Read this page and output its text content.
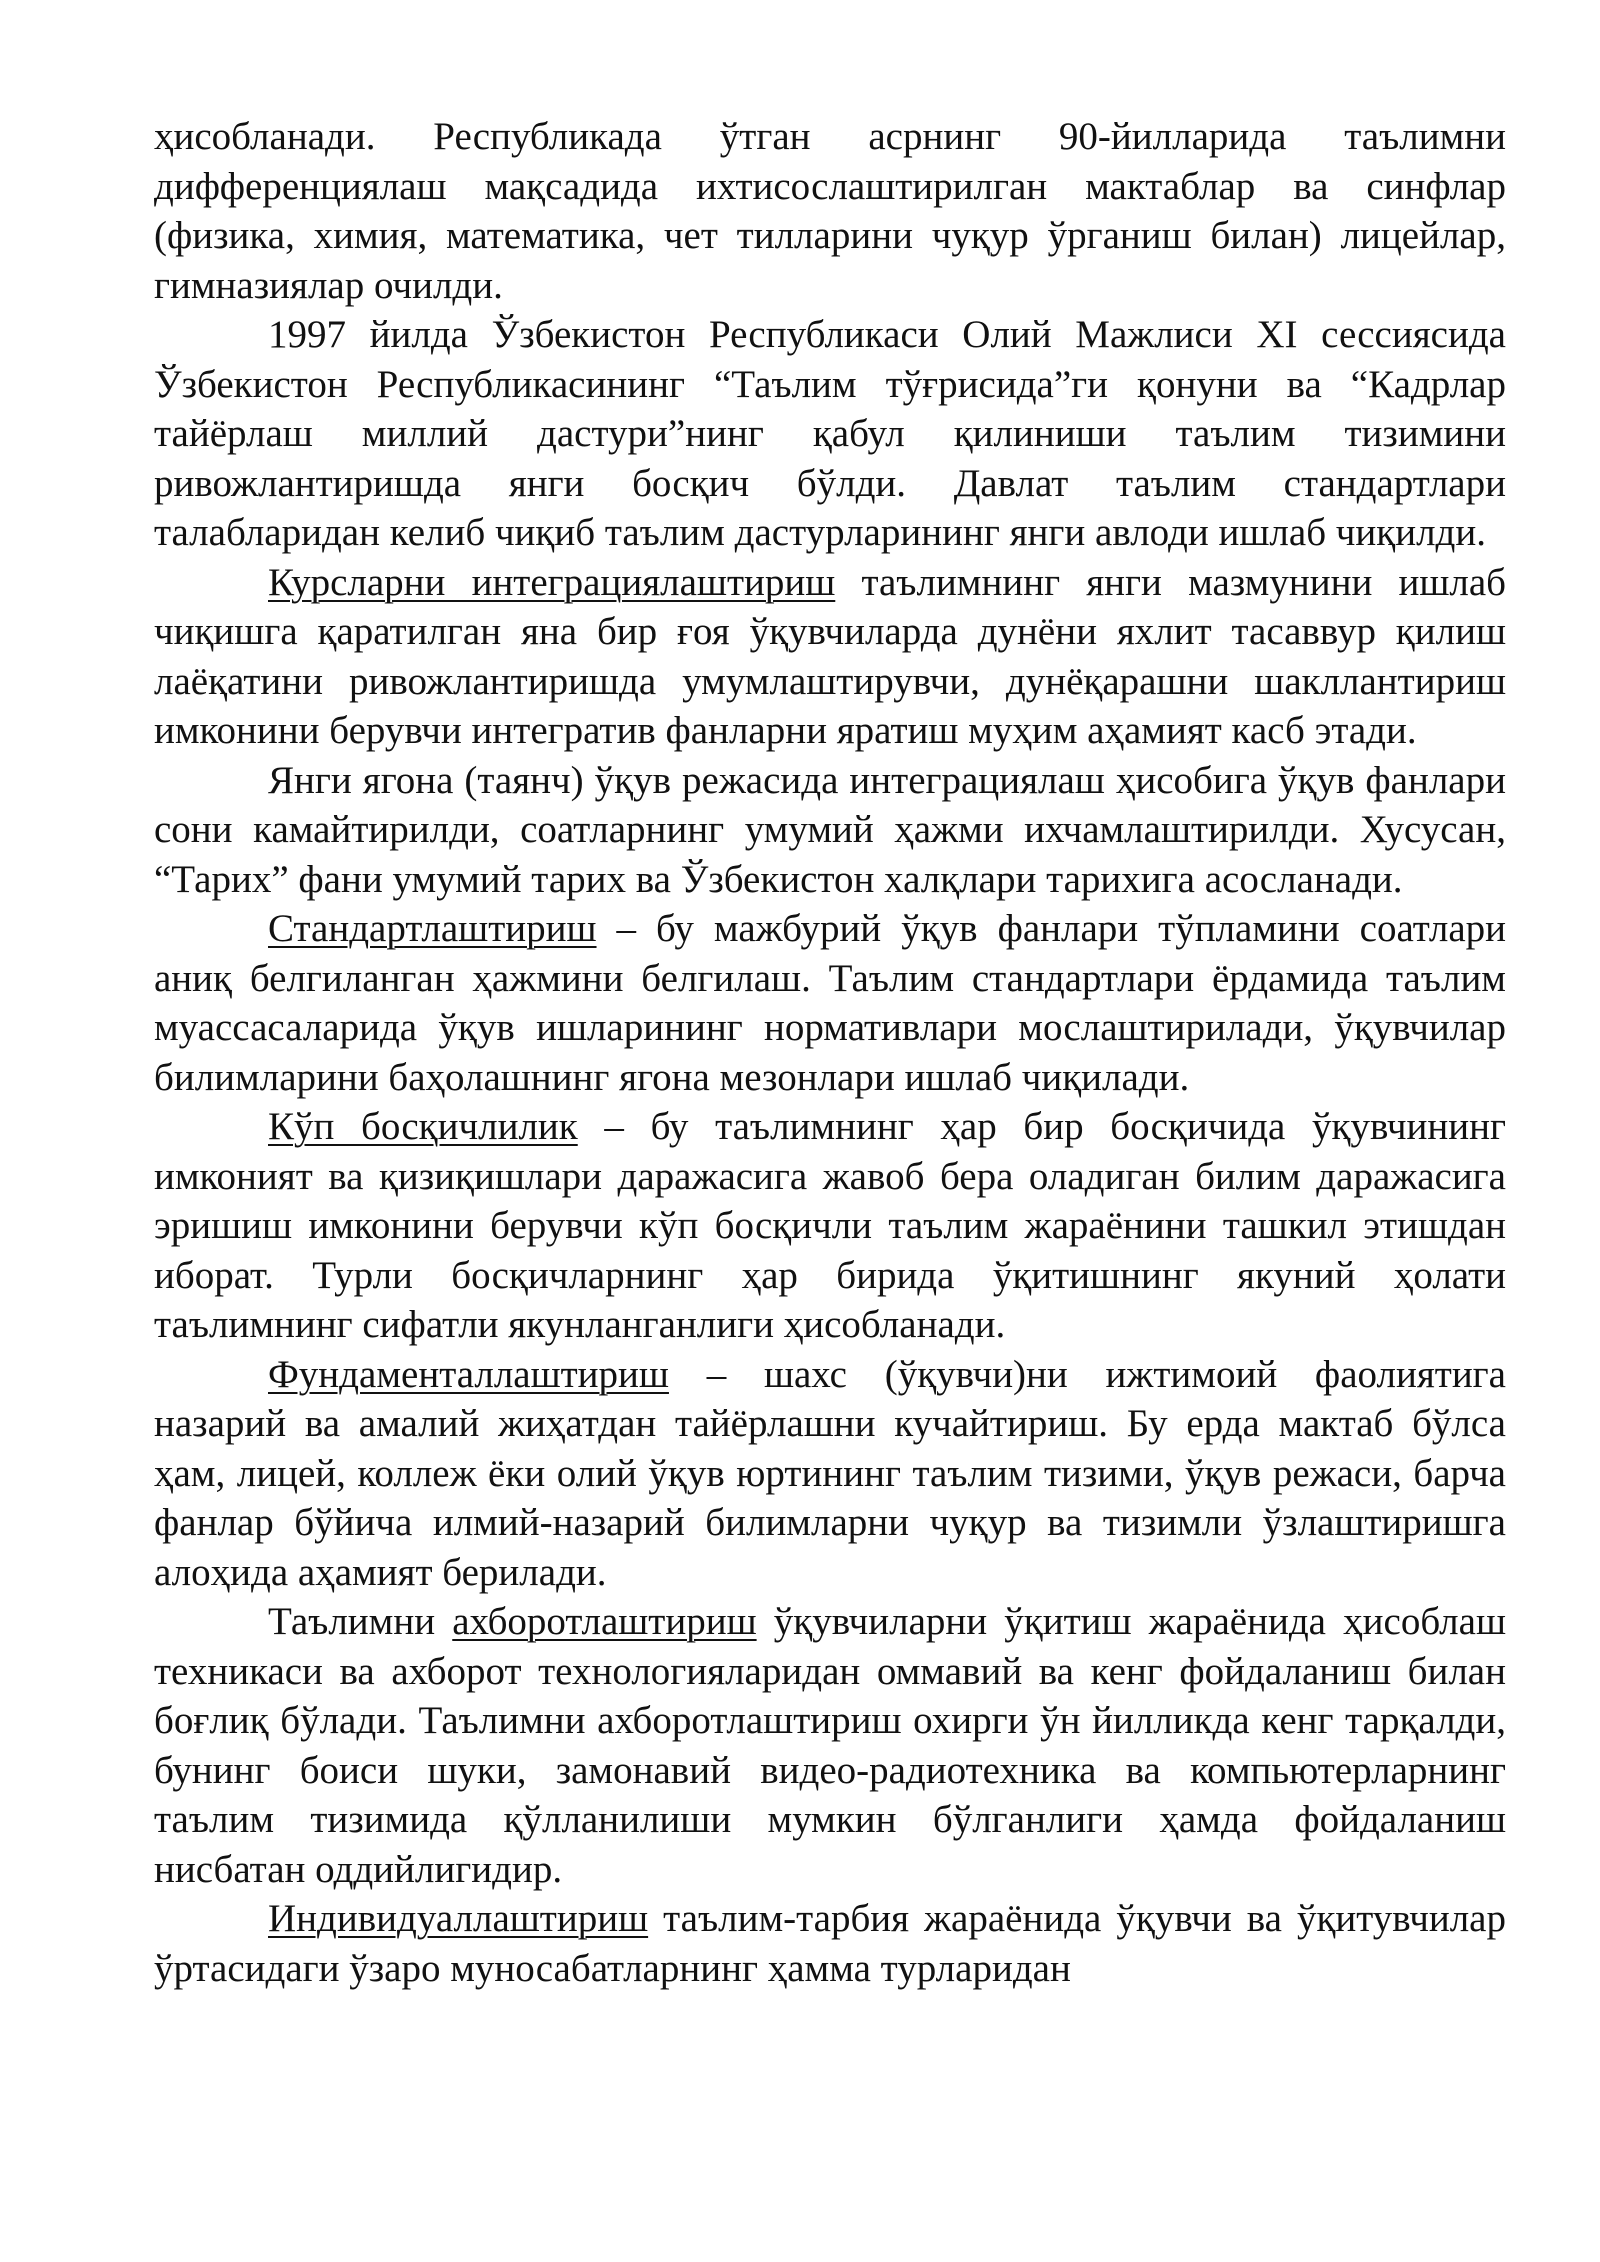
ҳисобланади. Республикада ўтган асрнинг 90-йилларида таълимни дифференциялаш мақсадида ихтисослаштирилган мактаблар ва синфлар (физика, химия, математика, чет тилларини чуқур ўрганиш билан) лицейлар, гимназиялар очилди.

1997 йилда Ўзбекистон Республикаси Олий Мажлиси ХI сессиясида Ўзбекистон Республикасининг “Таълим тўғрисида”ги қонуни ва “Кадрлар тайёрлаш миллий дастури”нинг қабул қилиниши таълим тизимини ривожлантиришда янги босқич бўлди. Давлат таълим стандартлари талабларидан келиб чиқиб таълим дастурларининг янги авлоди ишлаб чиқилди.

Курсларни интеграциялаштириш таълимнинг янги мазмунини ишлаб чиқишга қаратилган яна бир ғоя ўқувчиларда дунёни яхлит тасаввур қилиш лаёқатини ривожлантиришда умумлаштирувчи, дунёқарашни шакллантириш имконини берувчи интегратив фанларни яратиш муҳим аҳамият касб этади.

Янги ягона (таянч) ўқув режасида интеграциялаш ҳисобига ўқув фанлари сони камайтирилди, соатларнинг умумий ҳажми ихчамлаштирилди. Хусусан, “Тарих” фани умумий тарих ва Ўзбекистон халқлари тарихига асосланади.

Стандартлаштириш – бу мажбурий ўқув фанлари тўпламини соатлари аниқ белгиланган ҳажмини белгилаш. Таълим стандартлари ёрдамида таълим муассасаларида ўқув ишларининг нормативлари мослаштирилади, ўқувчилар билимларини баҳолашнинг ягона мезонлари ишлаб чиқилади.

Кўп босқичлилик – бу таълимнинг ҳар бир босқичида ўқувчининг имконият ва қизиқишлари даражасига жавоб бера оладиган билим даражасига эришиш имконини берувчи кўп босқичли таълим жараёнини ташкил этишдан иборат. Турли босқичларнинг ҳар бирида ўқитишнинг якуний ҳолати таълимнинг сифатли якунланганлиги ҳисобланади.

Фундаменталлаштириш – шахс (ўқувчи)ни ижтимоий фаолиятига назарий ва амалий жиҳатдан тайёрлашни кучайтириш. Бу ерда мактаб бўлса ҳам, лицей, коллеж ёки олий ўқув юртининг таълим тизими, ўқув режаси, барча фанлар бўйича илмий-назарий билимларни чуқур ва тизимли ўзлаштиришга алоҳида аҳамият берилади.

Таълимни ахборотлаштириш ўқувчиларни ўқитиш жараёнида ҳисоблаш техникаси ва ахборот технологияларидан оммавий ва кенг фойдаланиш билан боғлиқ бўлади. Таълимни ахборотлаштириш охирги ўн йилликда кенг тарқалди, бунинг боиси шуки, замонавий видео-радиотехника ва компьютерларнинг таълим тизимида қўлланилиши мумкин бўлганлиги ҳамда фойдаланиш нисбатан оддийлигидир.

Индивидуаллаштириш таълим-тарбия жараёнида ўқувчи ва ўқитувчилар ўртасидаги ўзаро муносабатларнинг ҳамма турларидан
